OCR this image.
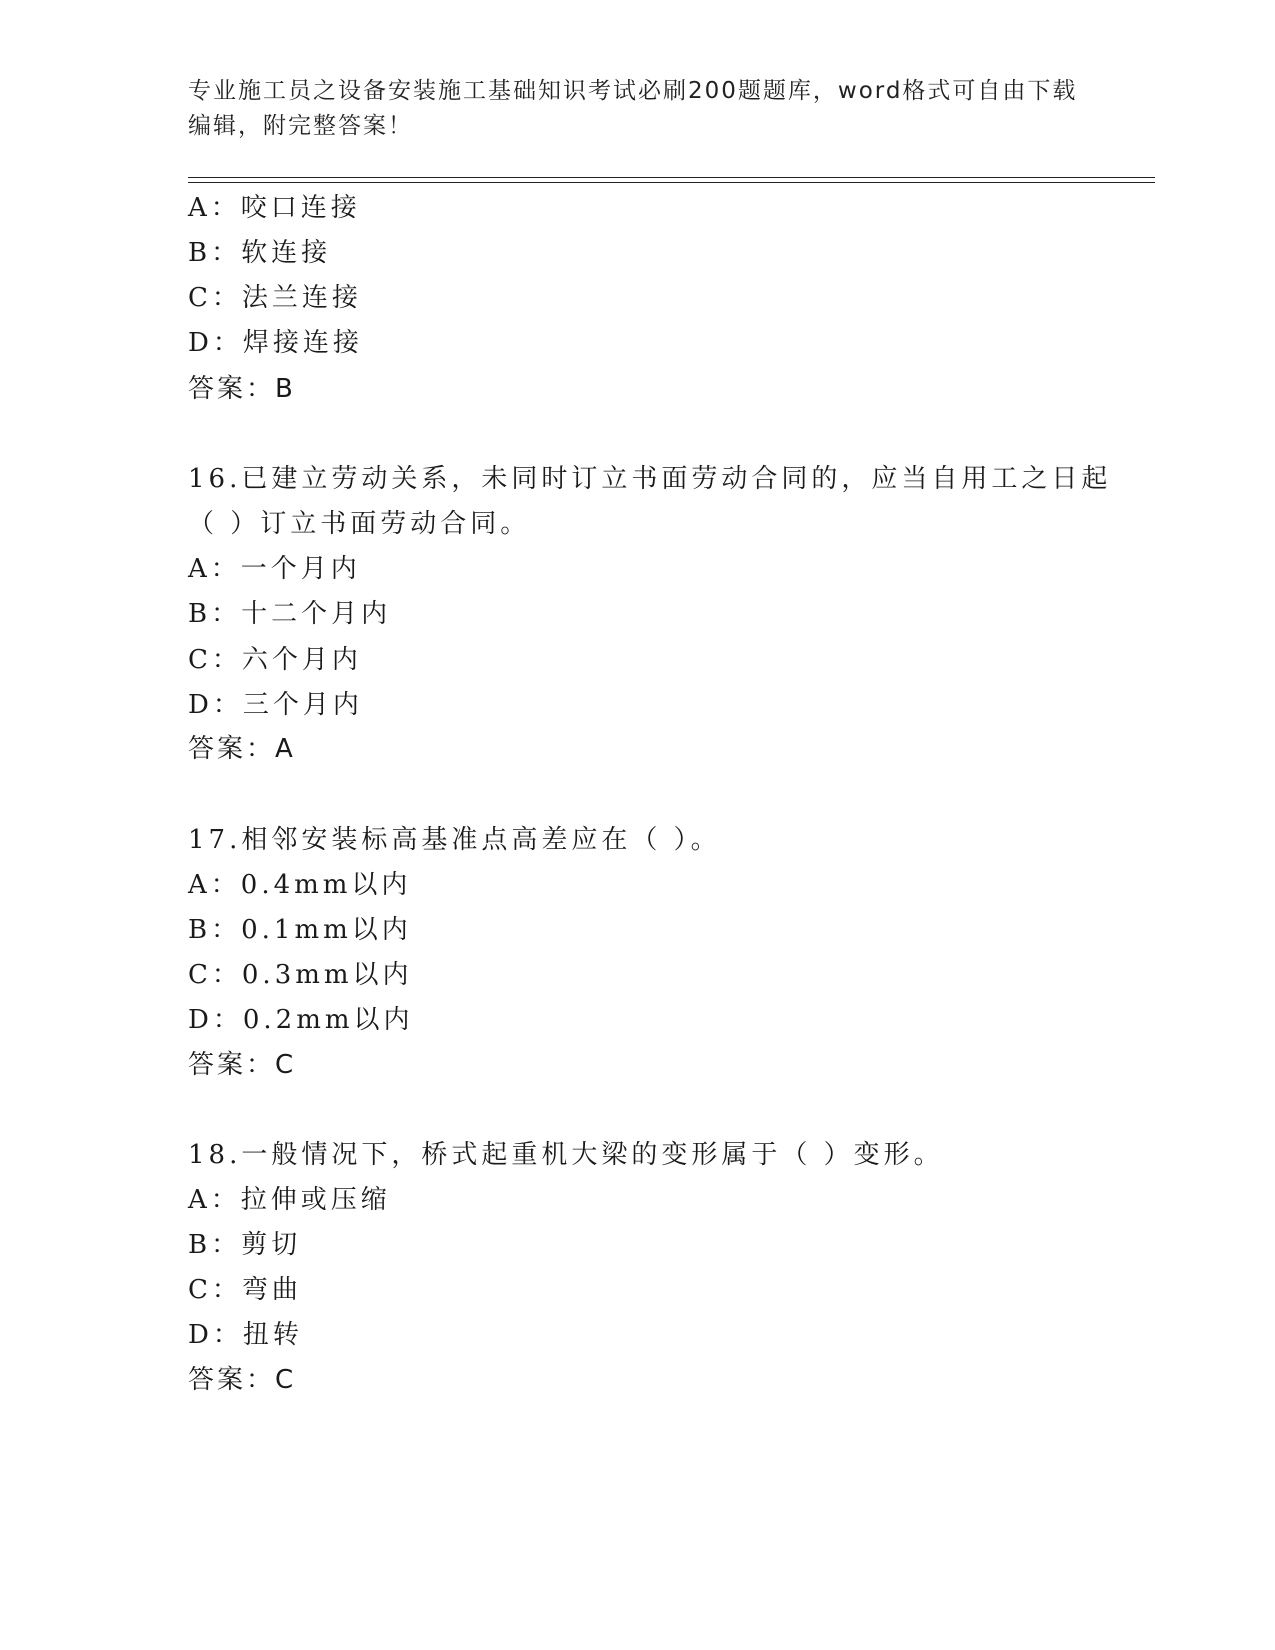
专业施工员之设备安装施工基础知识考试必刷200题题库，word格式可自由下载
编辑，附完整答案！
A：咬口连接
B：软连接
C：法兰连接
D：焊接连接
答案：B
16.已建立劳动关系，未同时订立书面劳动合同的，应当自用工之日起
（ ）订立书面劳动合同。
A：一个月内
B：十二个月内
C：六个月内
D：三个月内
答案：A
17.相邻安装标高基准点高差应在（ ）。
A：0.4mm以内
B：0.1mm以内
C：0.3mm以内
D：0.2mm以内
答案：C
18.一般情况下，桥式起重机大梁的变形属于（ ）变形。
A：拉伸或压缩
B：剪切
C：弯曲
D：扭转
答案：C
